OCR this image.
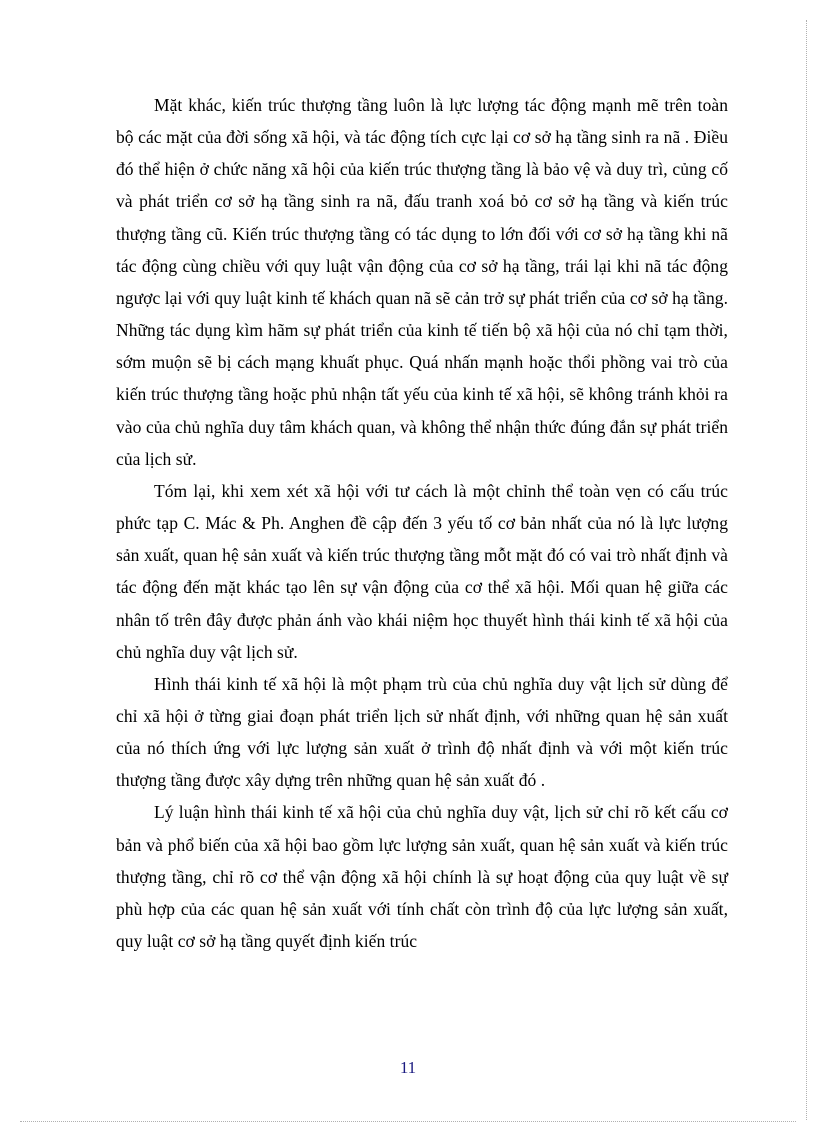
Mặt khác, kiến trúc thượng tầng luôn là lực lượng tác động mạnh mẽ trên toàn bộ các mặt của đời sống xã hội, và tác động tích cực lại cơ sở hạ tầng sinh ra nã . Điều đó thể hiện ở chức năng xã hội của kiến trúc thượng tầng là bảo vệ và duy trì, củng cố và phát triển cơ sở hạ tầng sinh ra nã, đấu tranh xoá bỏ cơ sở hạ tầng và kiến trúc thượng tầng cũ. Kiến trúc thượng tầng có tác dụng to lớn đối với cơ sở hạ tầng khi nã tác động cùng chiều với quy luật vận động của cơ sở hạ tầng, trái lại khi nã tác động ngược lại với quy luật kinh tế khách quan nã sẽ cản trở sự phát triển của cơ sở hạ tầng. Những tác dụng kìm hãm sự phát triển của kinh tế tiến bộ xã hội của nó chỉ tạm thời, sớm muộn sẽ bị cách mạng khuất phục. Quá nhấn mạnh hoặc thổi phồng vai trò của kiến trúc thượng tầng hoặc phủ nhận tất yếu của kinh tế xã hội, sẽ không tránh khỏi ra vào của chủ nghĩa duy tâm khách quan, và không thể nhận thức đúng đắn sự phát triển của lịch sử.

Tóm lại, khi xem xét xã hội với tư cách là một chỉnh thể toàn vẹn có cấu trúc phức tạp C. Mác & Ph. Anghen đề cập đến 3 yếu tố cơ bản nhất của nó là lực lượng sản xuất, quan hệ sản xuất và kiến trúc thượng tầng mỗt mặt đó có vai trò nhất định và tác động đến mặt khác tạo lên sự vận động của cơ thể xã hội. Mối quan hệ giữa các nhân tố trên đây được phản ánh vào khái niệm học thuyết hình thái kinh tế xã hội của chủ nghĩa duy vật lịch sử.

Hình thái kinh tế xã hội là một phạm trù của chủ nghĩa duy vật lịch sử dùng để chỉ xã hội ở từng giai đoạn phát triển lịch sử nhất định, với những quan hệ sản xuất của nó thích ứng với lực lượng sản xuất ở trình độ nhất định và với một kiến trúc thượng tầng được xây dựng trên những quan hệ sản xuất đó .

Lý luận hình thái kinh tế xã hội của chủ nghĩa duy vật, lịch sử chỉ rõ kết cấu cơ bản và phổ biến của xã hội bao gồm lực lượng sản xuất, quan hệ sản xuất và kiến trúc thượng tầng, chỉ rõ cơ thể vận động xã hội chính là sự hoạt động của quy luật về sự phù hợp của các quan hệ sản xuất với tính chất còn trình độ của lực lượng sản xuất, quy luật cơ sở hạ tầng quyết định kiến trúc

11
